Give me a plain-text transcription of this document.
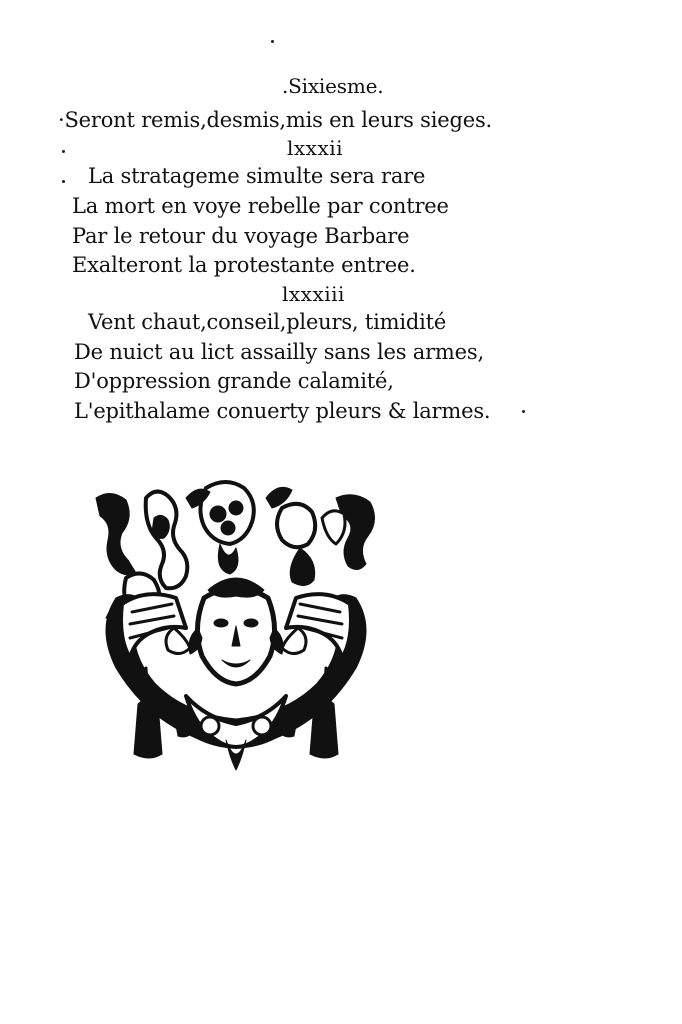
.Sixiesme.
·Seront remis,desmis,mis en leurs sieges.
lxxxii
La stratageme simulte sera rare
La mort en voye rebelle par contree
Par le retour du voyage Barbare
Exalteront la protestante entree.
lxxxiii
Vent chaut,conseil,pleurs, timidité
De nuict au lict assailly sans les armes,
D'oppression grande calamité,
L'epithalame conuerty pleurs & larmes.
